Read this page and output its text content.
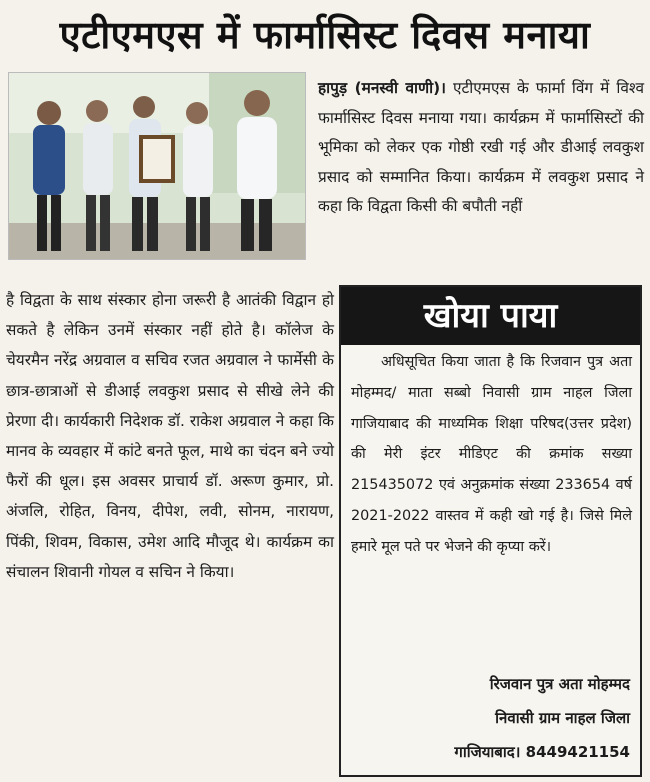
एटीएमएस में फार्मासिस्ट दिवस मनाया
हापुड़ (मनस्वी वाणी)। एटीएमएस के फार्मा विंग में विश्व फार्मासिस्ट दिवस मनाया गया। कार्यक्रम में फार्मासिस्टों की भूमिका को लेकर एक गोष्ठी रखी गई और डीआई लवकुश प्रसाद को सम्मानित किया। कार्यक्रम में लवकुश प्रसाद ने कहा कि विद्वता किसी की बपौती नहीं
है विद्वता के साथ संस्कार होना जरूरी है आतंकी विद्वान हो सकते है लेकिन उनमें संस्कार नहीं होते है। कॉलेज के चेयरमैन नरेंद्र अग्रवाल व सचिव रजत अग्रवाल ने फार्मेसी के छात्र-छात्राओं से डीआई लवकुश प्रसाद से सीखे लेने की प्रेरणा दी। कार्यकारी निदेशक डॉ. राकेश अग्रवाल ने कहा कि मानव के व्यवहार में कांटे बनते फूल, माथे का चंदन बने ज्यो फैरों की धूल। इस अवसर प्राचार्य डॉ. अरूण कुमार, प्रो. अंजलि, रोहित, विनय, दीपेश, लवी, सोनम, नारायण, पिंकी, शिवम, विकास, उमेश आदि मौजूद थे। कार्यक्रम का संचालन शिवानी गोयल व सचिन ने किया।
खोया पाया
अधिसूचित किया जाता है कि रिजवान पुत्र अता मोहम्मद/ माता सब्बो निवासी ग्राम नाहल जिला गाजियाबाद की माध्यमिक शिक्षा परिषद(उत्तर प्रदेश) की मेरी इंटर मीडिएट की क्रमांक सख्या 215435072 एवं अनुक्रमांक संख्या 233654 वर्ष 2021-2022 वास्तव में कही खो गई है। जिसे मिले हमारे मूल पते पर भेजने की कृप्या करें।
रिजवान पुत्र अता मोहम्मद
निवासी ग्राम नाहल जिला
गाजियाबाद। 8449421154
